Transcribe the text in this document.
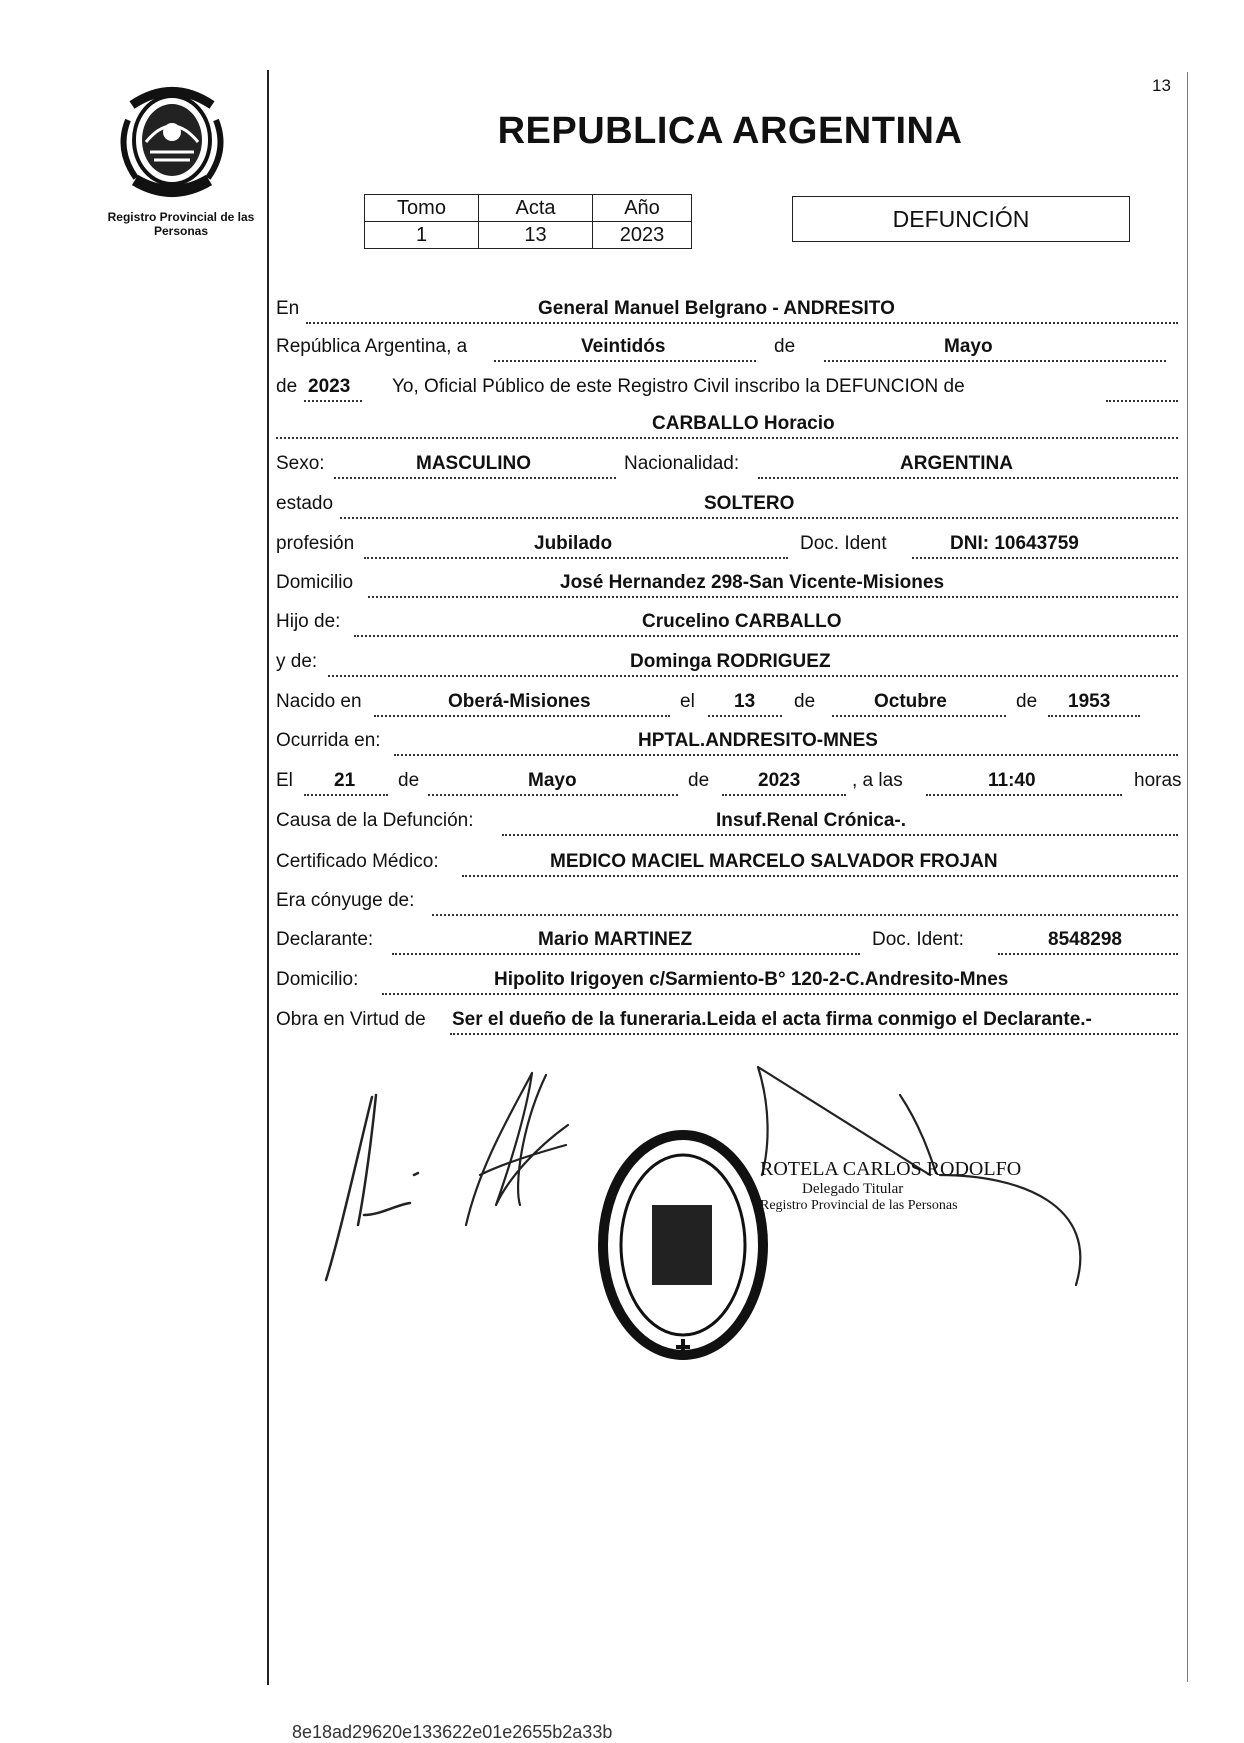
Registro Provincial de las Personas
13
REPUBLICA ARGENTINA
Tomo	Acta	Año
1	13	2023
DEFUNCIÓN
En	General Manuel Belgrano - ANDRESITO
República Argentina, a	Veintidós	de	Mayo
de 2023 Yo, Oficial Público de este Registro Civil inscribo la DEFUNCION de
CARBALLO Horacio
Sexo:	MASCULINO	Nacionalidad:	ARGENTINA
estado	SOLTERO
profesión	Jubilado	Doc. Ident	DNI: 10643759
Domicilio	José Hernandez 298-San Vicente-Misiones
Hijo de:	Crucelino CARBALLO
y de:	Dominga RODRIGUEZ
Nacido en	Oberá-Misiones	el 13 de	Octubre	de 1953
Ocurrida en:	HPTAL.ANDRESITO-MNES
El 21 de	Mayo	de	2023	, a las	11:40	horas
Causa de la Defunción:	Insuf.Renal Crónica-.
Certificado Médico:	MEDICO MACIEL MARCELO SALVADOR FROJAN
Era cónyuge de:
Declarante:	Mario MARTINEZ	Doc. Ident:	8548298
Domicilio:	Hipolito Irigoyen c/Sarmiento-B° 120-2-C.Andresito-Mnes
Obra en Virtud de Ser el dueño de la funeraria.Leida el acta firma conmigo el Declarante.-
ROTELA CARLOS RODOLFO
Delegado Titular
Registro Provincial de las Personas
8e18ad29620e133622e01e2655b2a33b
